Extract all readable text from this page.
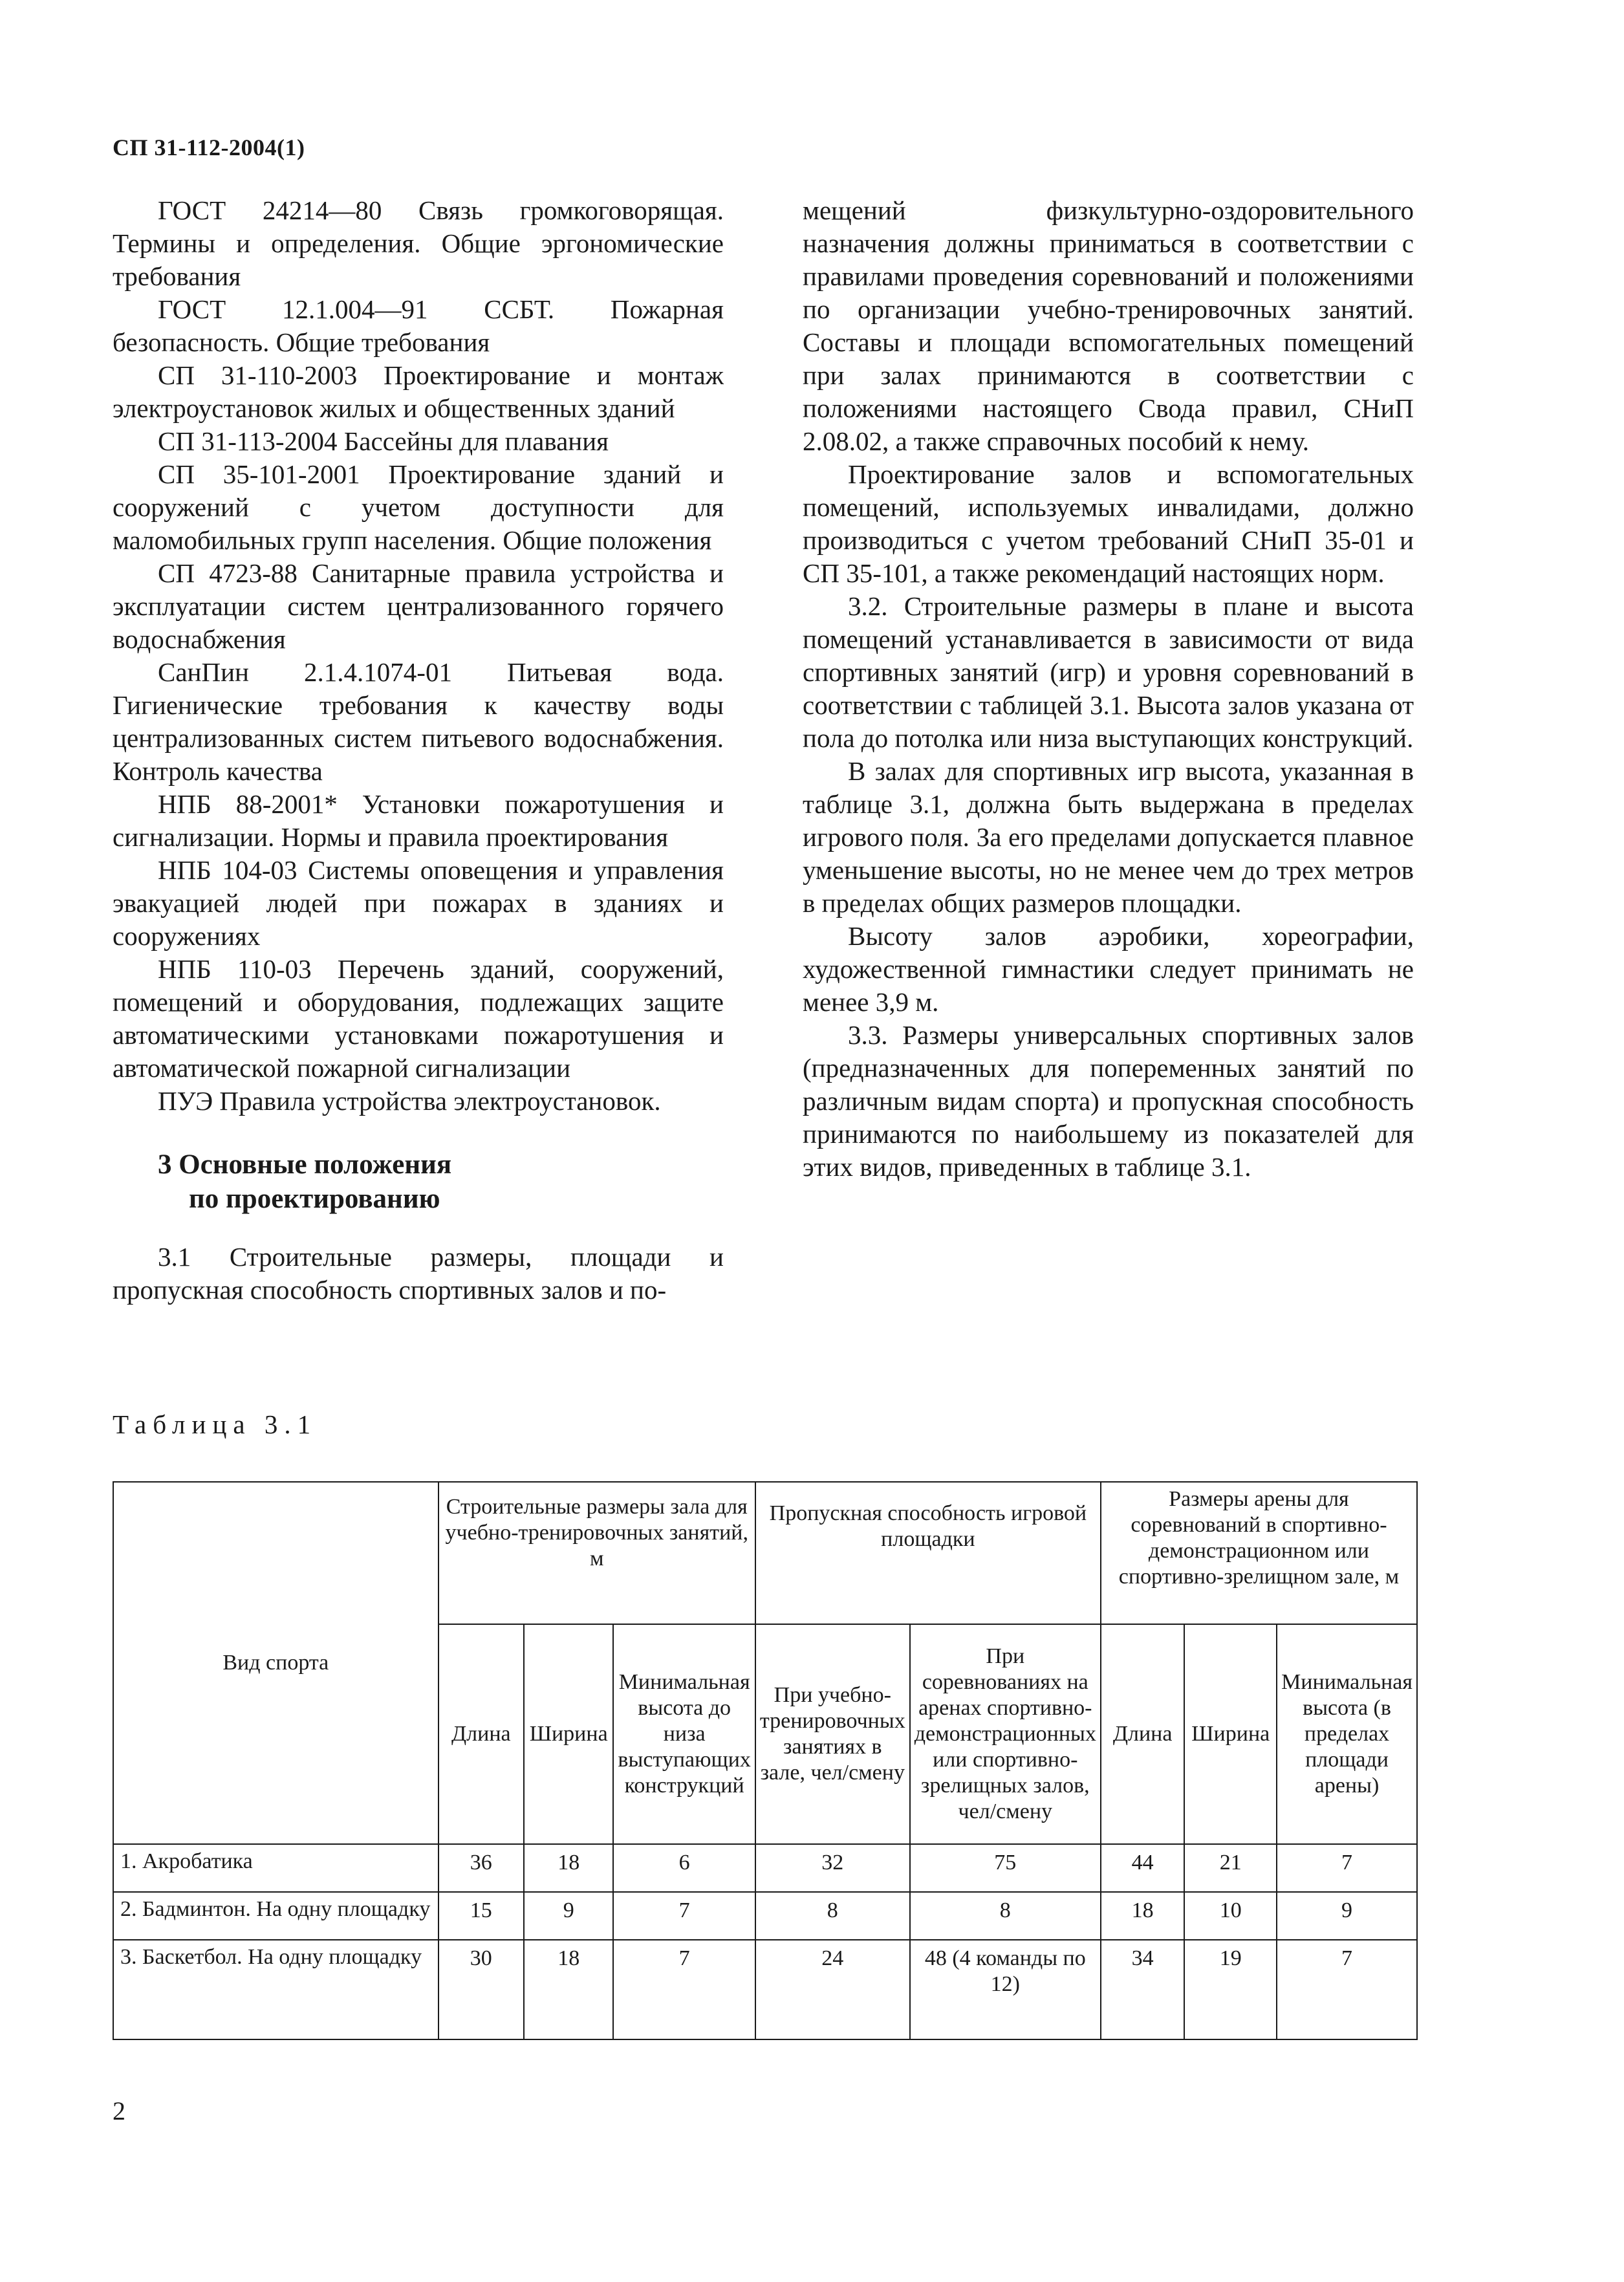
СП 31-112-2004(1)

ГОСТ 24214—80 Связь громкоговорящая. Термины и определения. Общие эргономические требования

ГОСТ 12.1.004—91 ССБТ. Пожарная безопасность. Общие требования

СП 31-110-2003 Проектирование и монтаж электроустановок жилых и общественных зданий

СП 31-113-2004 Бассейны для плавания

СП 35-101-2001 Проектирование зданий и сооружений с учетом доступности для маломобильных групп населения. Общие положения

СП 4723-88 Санитарные правила устройства и эксплуатации систем централизованного горячего водоснабжения

СанПин 2.1.4.1074-01 Питьевая вода. Гигиенические требования к качеству воды централизованных систем питьевого водоснабжения. Контроль качества

НПБ 88-2001* Установки пожаротушения и сигнализации. Нормы и правила проектирования

НПБ 104-03 Системы оповещения и управления эвакуацией людей при пожарах в зданиях и сооружениях

НПБ 110-03 Перечень зданий, сооружений, помещений и оборудования, подлежащих защите автоматическими установками пожаротушения и автоматической пожарной сигнализации

ПУЭ Правила устройства электроустановок.

3 Основные положения
по проектированию

3.1 Строительные размеры, площади и пропускная способность спортивных залов и по-

мещений физкультурно-оздоровительного назначения должны приниматься в соответствии с правилами проведения соревнований и положениями по организации учебно-тренировочных занятий. Составы и площади вспомогательных помещений при залах принимаются в соответствии с положениями настоящего Свода правил, СНиП 2.08.02, а также справочных пособий к нему.

Проектирование залов и вспомогательных помещений, используемых инвалидами, должно производиться с учетом требований СНиП 35-01 и СП 35-101, а также рекомендаций настоящих норм.

3.2. Строительные размеры в плане и высота помещений устанавливается в зависимости от вида спортивных занятий (игр) и уровня соревнований в соответствии с таблицей 3.1. Высота залов указана от пола до потолка или низа выступающих конструкций.

В залах для спортивных игр высота, указанная в таблице 3.1, должна быть выдержана в пределах игрового поля. За его пределами допускается плавное уменьшение высоты, но не менее чем до трех метров в пределах общих размеров площадки.

Высоту залов аэробики, хореографии, художественной гимнастики следует принимать не менее 3,9 м.

3.3. Размеры универсальных спортивных залов (предназначенных для попеременных занятий по различным видам спорта) и пропускная способность принимаются по наибольшему из показателей для этих видов, приведенных в таблице 3.1.

Таблица 3.1
Вид спорта	Строительные размеры зала для учебно-тренировочных занятий, м			Пропускная способность игровой площадки		Размеры арены для соревнований в спортивно-демонстрационном или спортивно-зрелищном зале, м		
	Длина	Ширина	Минимальная высота до низа выступающих конструкций	При учебно-тренировочных занятиях в зале, чел/смену	При соревнованиях на аренах спортивно-демонстрационных или спортивно-зрелищных залов, чел/смену	Длина	Ширина	Минимальная высота (в пределах площади арены)
1. Акробатика	36	18	6	32	75	44	21	7
2. Бадминтон. На одну площадку	15	9	7	8	8	18	10	9
3. Баскетбол. На одну площадку	30	18	7	24	48 (4 команды по 12)	34	19	7
2
